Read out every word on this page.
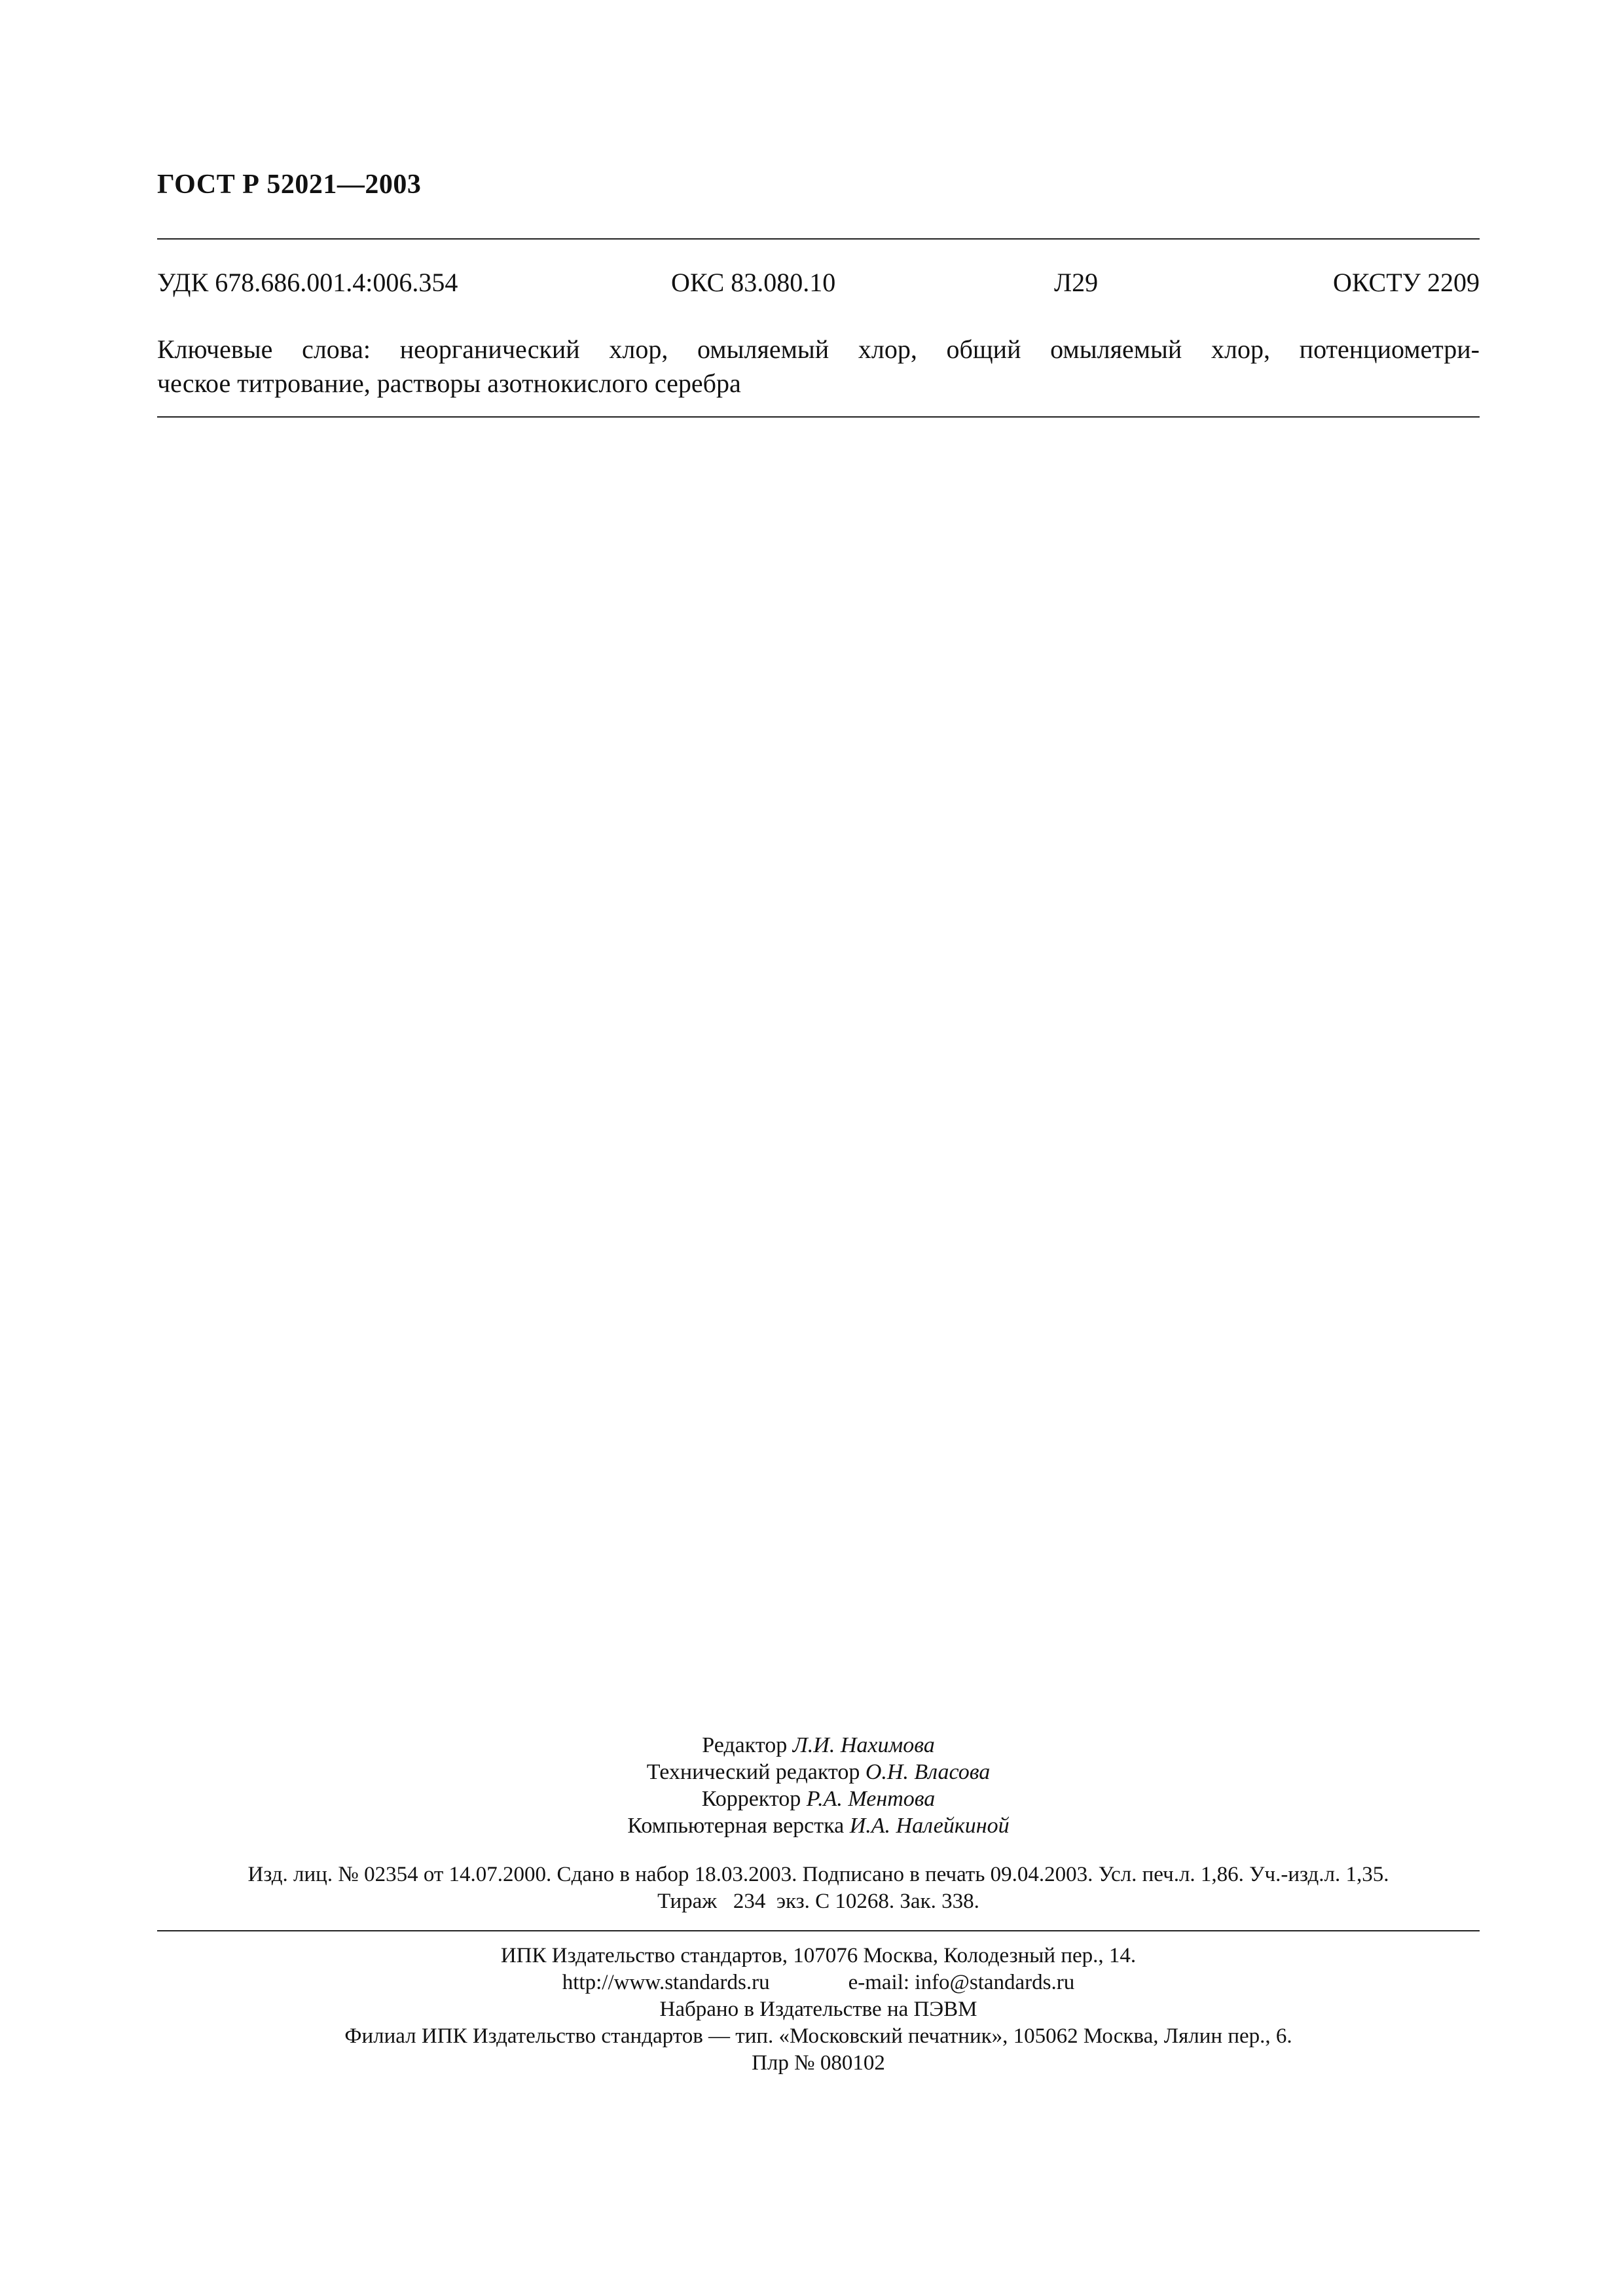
ГОСТ Р 52021—2003
УДК 678.686.001.4:006.354	ОКС 83.080.10	Л29	ОКСТУ 2209

Ключевые слова: неорганический хлор, омыляемый хлор, общий омыляемый хлор, потенциометри-
ческое титрование, растворы азотнокислого серебра

Редактор Л.И. Нахимова
Технический редактор О.Н. Власова
Корректор Р.А. Ментова
Компьютерная верстка И.А. Налейкиной
Изд. лиц. № 02354 от 14.07.2000. Сдано в набор 18.03.2003. Подписано в печать 09.04.2003. Усл. печ.л. 1,86. Уч.-изд.л. 1,35.
Тираж   234  экз. С 10268. Зак. 338.
ИПК Издательство стандартов, 107076 Москва, Колодезный пер., 14.
http://www.standards.ru	e-mail: info@standards.ru
Набрано в Издательстве на ПЭВМ
Филиал ИПК Издательство стандартов — тип. «Московский печатник», 105062 Москва, Лялин пер., 6.
Плр № 080102
